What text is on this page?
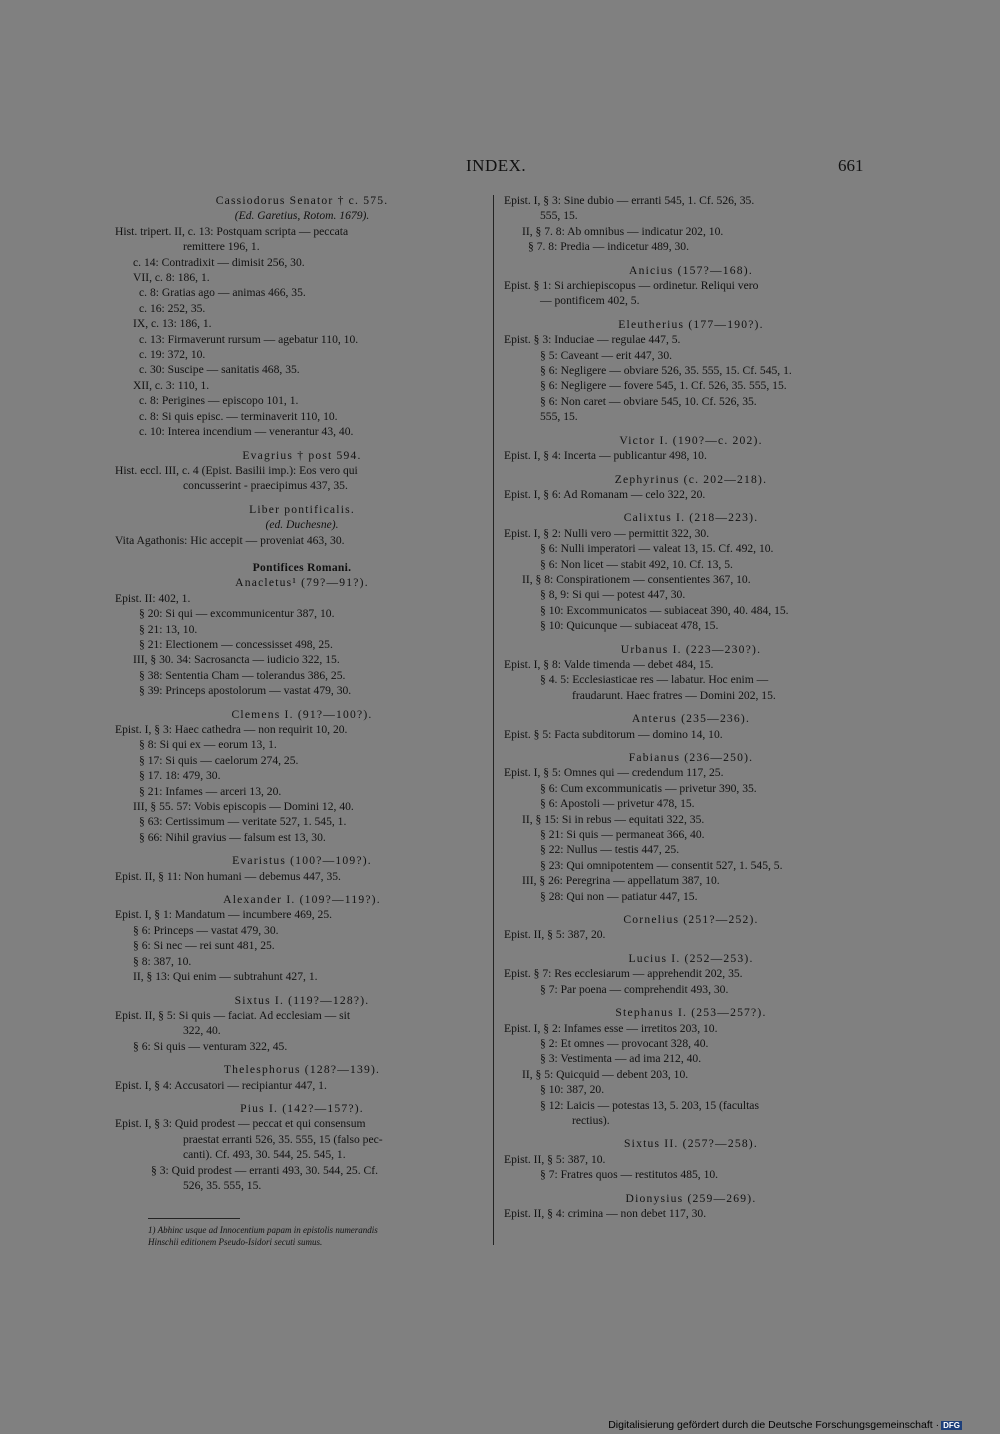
INDEX.	661
Cassiodorus Senator † c. 575.
(Ed. Garetius, Rotom. 1679).
Hist. tripert. II, c. 13: Postquam scripta — peccata
remittere 196, 1.
c. 14: Contradixit — dimisit 256, 30.
VII, c. 8: 186, 1.
c. 8: Gratias ago — animas 466, 35.
c. 16: 252, 35.
IX, c. 13: 186, 1.
c. 13: Firmaverunt rursum — agebatur 110, 10.
c. 19: 372, 10.
c. 30: Suscipe — sanitatis 468, 35.
XII, c. 3: 110, 1.
c. 8: Perigines — episcopo 101, 1.
c. 8: Si quis episc. — terminaverit 110, 10.
c. 10: Interea incendium — venerantur 43, 40.
Evagrius † post 594.
Hist. eccl. III, c. 4 (Epist. Basilii imp.): Eos vero qui
concusserint - praecipimus 437, 35.
Liber pontificalis.
(ed. Duchesne).
Vita Agathonis: Hic accepit — proveniat 463, 30.
Pontifices Romani.
Anacletus¹ (79?—91?).
Epist. II: 402, 1.
§ 20: Si qui — excommunicentur 387, 10.
§ 21: 13, 10.
§ 21: Electionem — concessisset 498, 25.
III, § 30. 34: Sacrosancta — iudicio 322, 15.
§ 38: Sententia Cham — tolerandus 386, 25.
§ 39: Princeps apostolorum — vastat 479, 30.
Clemens I. (91?—100?).
Epist. I, § 3: Haec cathedra — non requirit 10, 20.
§ 8: Si qui ex — eorum 13, 1.
§ 17: Si quis — caelorum 274, 25.
§ 17. 18: 479, 30.
§ 21: Infames — arceri 13, 20.
III, § 55. 57: Vobis episcopis — Domini 12, 40.
§ 63: Certissimum — veritate 527, 1. 545, 1.
§ 66: Nihil gravius — falsum est 13, 30.
Evaristus (100?—109?).
Epist. II, § 11: Non humani — debemus 447, 35.
Alexander I. (109?—119?).
Epist. I, § 1: Mandatum — incumbere 469, 25.
§ 6: Princeps — vastat 479, 30.
§ 6: Si nec — rei sunt 481, 25.
§ 8: 387, 10.
II, § 13: Qui enim — subtrahunt 427, 1.
Sixtus I. (119?—128?).
Epist. II, § 5: Si quis — faciat. Ad ecclesiam — sit
322, 40.
§ 6: Si quis — venturam 322, 45.
Thelesphorus (128?—139).
Epist. I, § 4: Accusatori — recipiantur 447, 1.
Pius I. (142?—157?).
Epist. I, § 3: Quid prodest — peccat et qui consensum
praestat erranti 526, 35. 555, 15 (falso pec-
canti). Cf. 493, 30. 544, 25. 545, 1.
§ 3: Quid prodest — erranti 493, 30. 544, 25. Cf.
526, 35. 555, 15.
Epist. I, § 3: Sine dubio — erranti 545, 1. Cf. 526, 35.
555, 15.
II, § 7. 8: Ab omnibus — indicatur 202, 10.
§ 7. 8: Predia — indicetur 489, 30.
Anicius (157?—168).
Epist. § 1: Si archiepiscopus — ordinetur. Reliqui vero
— pontificem 402, 5.
Eleutherius (177—190?).
Epist. § 3: Induciae — regulae 447, 5.
§ 5: Caveant — erit 447, 30.
§ 6: Negligere — obviare 526, 35. 555, 15. Cf. 545, 1.
§ 6: Negligere — fovere 545, 1. Cf. 526, 35. 555, 15.
§ 6: Non caret — obviare 545, 10. Cf. 526, 35.
555, 15.
Victor I. (190?—c. 202).
Epist. I, § 4: Incerta — publicantur 498, 10.
Zephyrinus (c. 202—218).
Epist. I, § 6: Ad Romanam — celo 322, 20.
Calixtus I. (218—223).
Epist. I, § 2: Nulli vero — permittit 322, 30.
§ 6: Nulli imperatori — valeat 13, 15. Cf. 492, 10.
§ 6: Non licet — stabit 492, 10. Cf. 13, 5.
II, § 8: Conspirationem — consentientes 367, 10.
§ 8, 9: Si qui — potest 447, 30.
§ 10: Excommunicatos — subiaceat 390, 40. 484, 15.
§ 10: Quicunque — subiaceat 478, 15.
Urbanus I. (223—230?).
Epist. I, § 8: Valde timenda — debet 484, 15.
§ 4. 5: Ecclesiasticae res — labatur. Hoc enim —
fraudarunt. Haec fratres — Domini 202, 15.
Anterus (235—236).
Epist. § 5: Facta subditorum — domino 14, 10.
Fabianus (236—250).
Epist. I, § 5: Omnes qui — credendum 117, 25.
§ 6: Cum excommunicatis — privetur 390, 35.
§ 6: Apostoli — privetur 478, 15.
II, § 15: Si in rebus — equitati 322, 35.
§ 21: Si quis — permaneat 366, 40.
§ 22: Nullus — testis 447, 25.
§ 23: Qui omnipotentem — consentit 527, 1. 545, 5.
III, § 26: Peregrina — appellatum 387, 10.
§ 28: Qui non — patiatur 447, 15.
Cornelius (251?—252).
Epist. II, § 5: 387, 20.
Lucius I. (252—253).
Epist. § 7: Res ecclesiarum — apprehendit 202, 35.
§ 7: Par poena — comprehendit 493, 30.
Stephanus I. (253—257?).
Epist. I, § 2: Infames esse — irretitos 203, 10.
§ 2: Et omnes — provocant 328, 40.
§ 3: Vestimenta — ad ima 212, 40.
II, § 5: Quicquid — debent 203, 10.
§ 10: 387, 20.
§ 12: Laicis — potestas 13, 5. 203, 15 (facultas
rectius).
Sixtus II. (257?—258).
Epist. II, § 5: 387, 10.
§ 7: Fratres quos — restitutos 485, 10.
Dionysius (259—269).
Epist. II, § 4: crimina — non debet 117, 30.
1) Abhinc usque ad Innocentium papam in epistolis numerandis
Hinschii editionem Pseudo-Isidori secuti sumus.
Digitalisierung gefördert durch die Deutsche Forschungsgemeinschaft · DFG
